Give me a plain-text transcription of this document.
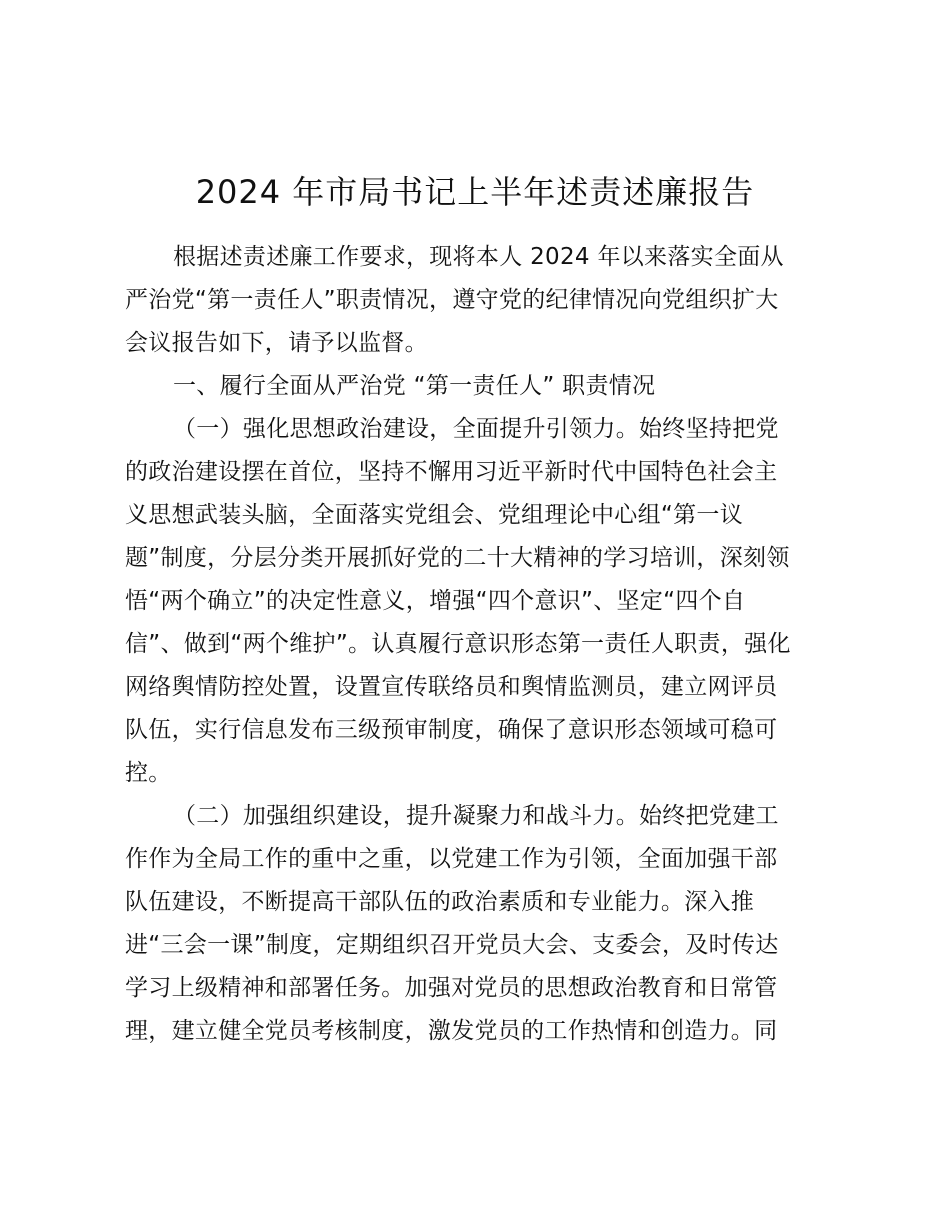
2024 年市局书记上半年述责述廉报告
根据述责述廉工作要求，现将本人 2024 年以来落实全面从
严治党“第一责任人”职责情况，遵守党的纪律情况向党组织扩大
会议报告如下，请予以监督。
一、履行全面从严治党 “第一责任人” 职责情况
（一）强化思想政治建设，全面提升引领力。始终坚持把党
的政治建设摆在首位，坚持不懈用习近平新时代中国特色社会主
义思想武装头脑，全面落实党组会、党组理论中心组“第一议
题”制度，分层分类开展抓好党的二十大精神的学习培训，深刻领
悟“两个确立”的决定性意义，增强“四个意识”、坚定“四个自
信”、做到“两个维护”。认真履行意识形态第一责任人职责，强化
网络舆情防控处置，设置宣传联络员和舆情监测员，建立网评员
队伍，实行信息发布三级预审制度，确保了意识形态领域可稳可
控。
（二）加强组织建设，提升凝聚力和战斗力。始终把党建工
作作为全局工作的重中之重，以党建工作为引领，全面加强干部
队伍建设，不断提高干部队伍的政治素质和专业能力。深入推
进“三会一课”制度，定期组织召开党员大会、支委会，及时传达
学习上级精神和部署任务。加强对党员的思想政治教育和日常管
理，建立健全党员考核制度，激发党员的工作热情和创造力。同
